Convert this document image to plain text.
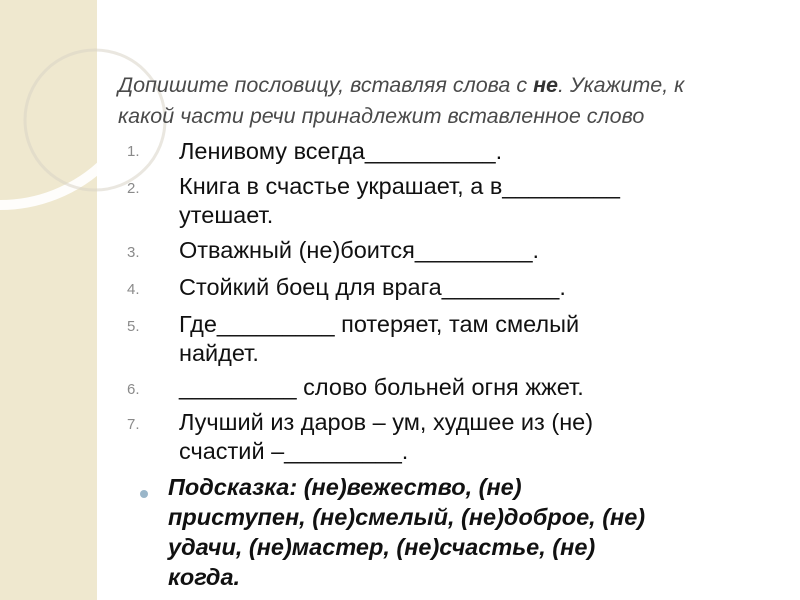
Допишите пословицу, вставляя слова с не. Укажите, к
какой части речи принадлежит вставленное слово
1. Ленивому всегда__________.
2. Книга в счастье украшает, а в_________
утешает.
3. Отважный (не)боится_________.
4. Стойкий боец для врага_________.
5. Где_________ потеряет, там смелый
найдет.
6. _________ слово больней огня жжет.
7. Лучший из даров – ум, худшее из (не)
счастий –_________.
Подсказка: (не)вежество, (не)
приступен, (не)смелый, (не)доброе, (не)
удачи, (не)мастер, (не)счастье, (не)
когда.
